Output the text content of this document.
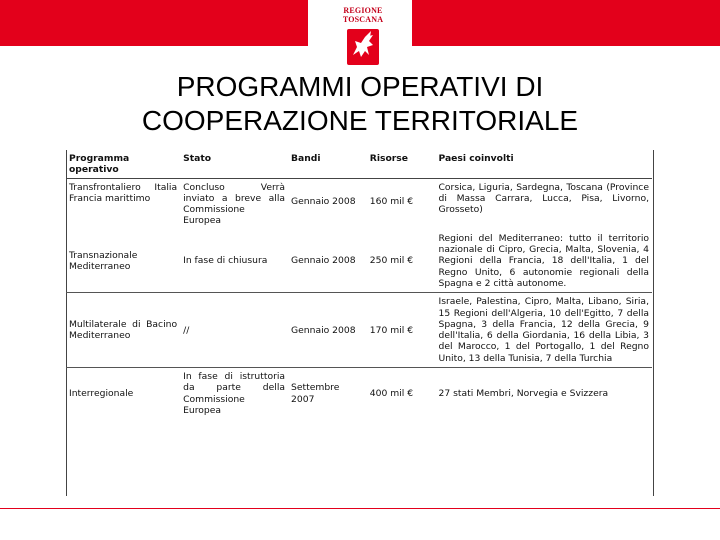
REGIONE
TOSCANA
PROGRAMMI OPERATIVI DI
COOPERAZIONE TERRITORIALE
Programma operativo	Stato	Bandi	Risorse	Paesi coinvolti
Transfrontaliero Italia Francia marittimo	Concluso Verrà inviato a breve alla Commissione Europea	Gennaio 2008	160 mil €	Corsica, Liguria, Sardegna, Toscana (Province di Massa Carrara, Lucca, Pisa, Livorno, Grosseto)
Transnazionale Mediterraneo	In fase di chiusura	Gennaio 2008	250 mil €	Regioni del Mediterraneo: tutto il territorio nazionale di Cipro, Grecia, Malta, Slovenia, 4 Regioni della Francia, 18 dell'Italia, 1 del Regno Unito, 6 autonomie regionali della Spagna e 2 città autonome.
Multilaterale di Bacino Mediterraneo	//	Gennaio 2008	170 mil €	Israele, Palestina, Cipro, Malta, Libano, Siria, 15 Regioni dell'Algeria, 10 dell'Egitto, 7 della Spagna, 3 della Francia, 12 della Grecia, 9 dell'Italia, 6 della Giordania, 16 della Libia, 3 del Marocco, 1 del Portogallo, 1 del Regno Unito, 13 della Tunisia, 7 della Turchia
Interregionale	In fase di istruttoria da parte della Commissione Europea	Settembre 2007	400 mil €	27 stati Membri, Norvegia e Svizzera
